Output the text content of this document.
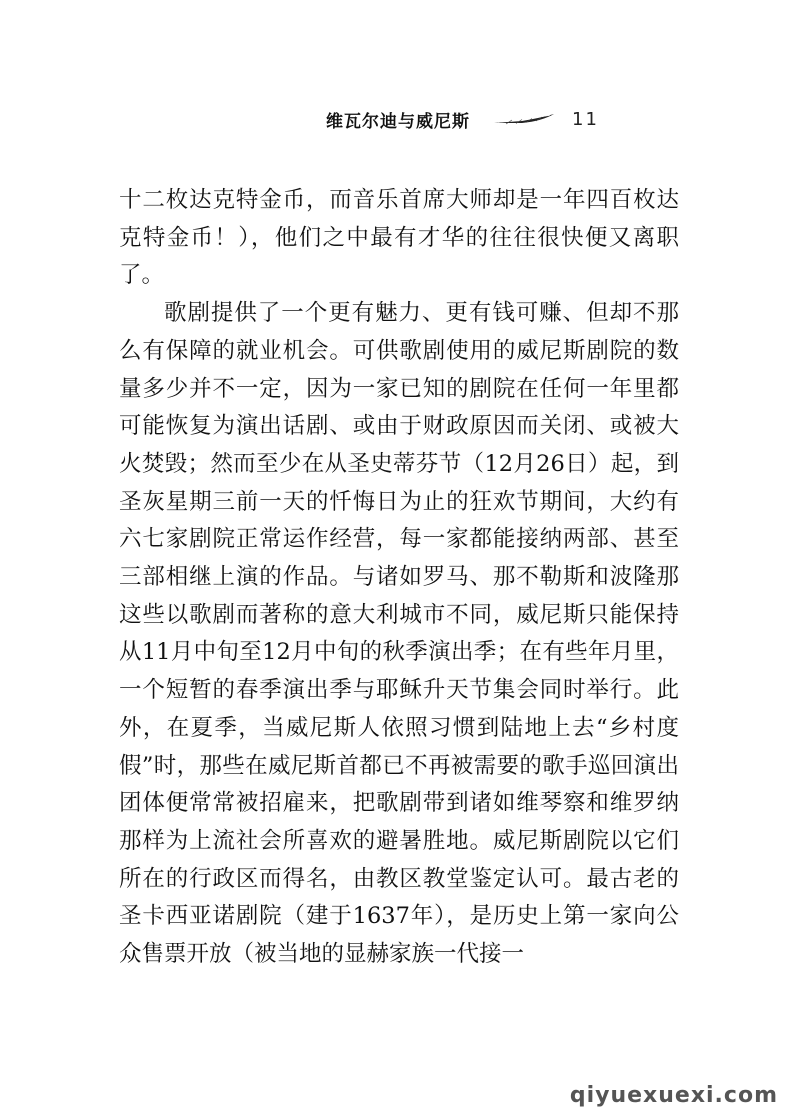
维瓦尔迪与威尼斯	11

十二枚达克特金币，而音乐首席大师却是一年四百枚达克特金币！），他们之中最有才华的往往很快便又离职了。

歌剧提供了一个更有魅力、更有钱可赚、但却不那么有保障的就业机会。可供歌剧使用的威尼斯剧院的数量多少并不一定，因为一家已知的剧院在任何一年里都可能恢复为演出话剧、或由于财政原因而关闭、或被大火焚毁；然而至少在从圣史蒂芬节（12月26日）起，到圣灰星期三前一天的忏悔日为止的狂欢节期间，大约有六七家剧院正常运作经营，每一家都能接纳两部、甚至三部相继上演的作品。与诸如罗马、那不勒斯和波隆那这些以歌剧而著称的意大利城市不同，威尼斯只能保持从11月中旬至12月中旬的秋季演出季；在有些年月里，一个短暂的春季演出季与耶稣升天节集会同时举行。此外，在夏季，当威尼斯人依照习惯到陆地上去“乡村度假”时，那些在威尼斯首都已不再被需要的歌手巡回演出团体便常常被招雇来，把歌剧带到诸如维琴察和维罗纳那样为上流社会所喜欢的避暑胜地。威尼斯剧院以它们所在的行政区而得名，由教区教堂鉴定认可。最古老的圣卡西亚诺剧院（建于1637年），是历史上第一家向公众售票开放（被当地的显赫家族一代接一

qiyuexuexi.com
